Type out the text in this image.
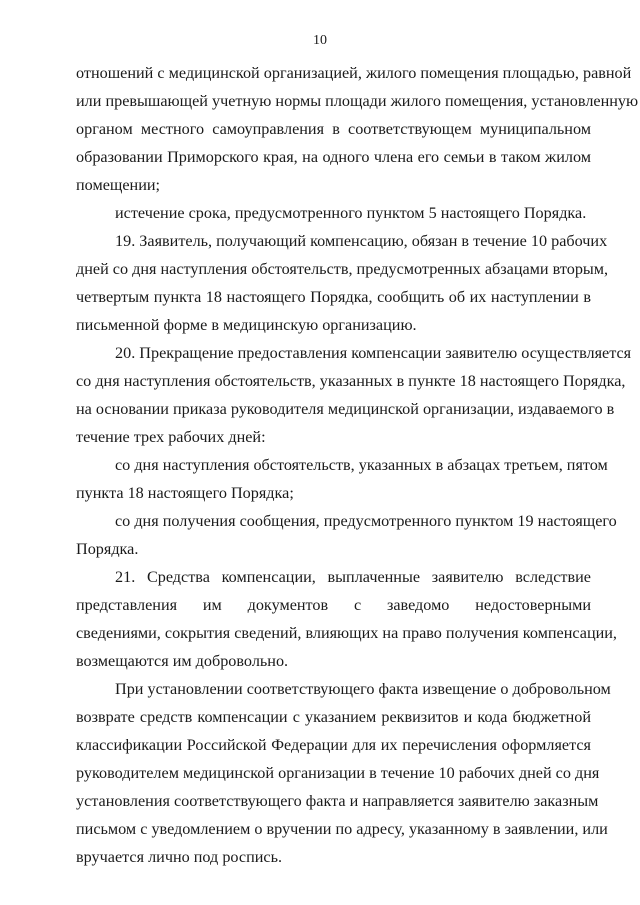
10
отношений с медицинской организацией, жилого помещения площадью, равной
или превышающей учетную нормы площади жилого помещения, установленную
органом местного самоуправления в соответствующем муниципальном
образовании Приморского края, на одного члена его семьи в таком жилом
помещении;
истечение срока, предусмотренного пунктом 5 настоящего Порядка.
19. Заявитель, получающий компенсацию, обязан в течение 10 рабочих
дней со дня наступления обстоятельств, предусмотренных абзацами вторым,
четвертым пункта 18 настоящего Порядка, сообщить об их наступлении в
письменной форме в медицинскую организацию.
20. Прекращение предоставления компенсации заявителю осуществляется
со дня наступления обстоятельств, указанных в пункте 18 настоящего Порядка,
на основании приказа руководителя медицинской организации, издаваемого в
течение трех рабочих дней:
со дня наступления обстоятельств, указанных в абзацах третьем, пятом
пункта 18 настоящего Порядка;
со дня получения сообщения, предусмотренного пунктом 19 настоящего
Порядка.
21. Средства компенсации, выплаченные заявителю вследствие
представления им документов с заведомо недостоверными
сведениями, сокрытия сведений, влияющих на право получения компенсации,
возмещаются им добровольно.
При установлении соответствующего факта извещение о добровольном
возврате средств компенсации с указанием реквизитов и кода бюджетной
классификации Российской Федерации для их перечисления оформляется
руководителем медицинской организации в течение 10 рабочих дней со дня
установления соответствующего факта и направляется заявителю заказным
письмом с уведомлением о вручении по адресу, указанному в заявлении, или
вручается лично под роспись.
